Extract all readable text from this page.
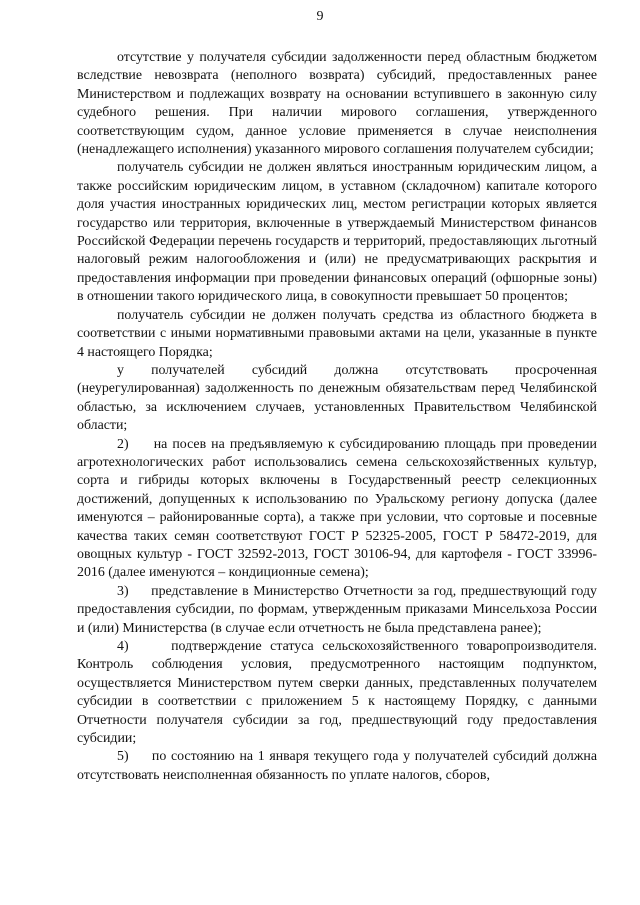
9

отсутствие у получателя субсидии задолженности перед областным бюджетом вследствие невозврата (неполного возврата) субсидий, предоставленных ранее Министерством и подлежащих возврату на основании вступившего в законную силу судебного решения. При наличии мирового соглашения, утвержденного соответствующим судом, данное условие применяется в случае неисполнения (ненадлежащего исполнения) указанного мирового соглашения получателем субсидии;

получатель субсидии не должен являться иностранным юридическим лицом, а также российским юридическим лицом, в уставном (складочном) капитале которого доля участия иностранных юридических лиц, местом регистрации которых является государство или территория, включенные в утверждаемый Министерством финансов Российской Федерации перечень государств и территорий, предоставляющих льготный налоговый режим налогообложения и (или) не предусматривающих раскрытия и предоставления информации при проведении финансовых операций (офшорные зоны) в отношении такого юридического лица, в совокупности превышает 50 процентов;

получатель субсидии не должен получать средства из областного бюджета в соответствии с иными нормативными правовыми актами на цели, указанные в пункте 4 настоящего Порядка;

у получателей субсидий должна отсутствовать просроченная (неурегулированная) задолженность по денежным обязательствам перед Челябинской областью, за исключением случаев, установленных Правительством Челябинской области;

2)     на посев на предъявляемую к субсидированию площадь при проведении агротехнологических работ использовались семена сельскохозяйственных культур, сорта и гибриды которых включены в Государственный реестр селекционных достижений, допущенных к использованию по Уральскому региону допуска (далее именуются – районированные сорта), а также при условии, что сортовые и посевные качества таких семян соответствуют ГОСТ Р 52325-2005, ГОСТ Р 58472-2019, для овощных культур - ГОСТ 32592-2013, ГОСТ 30106-94, для картофеля - ГОСТ 33996-2016 (далее именуются – кондиционные семена);

3)     представление в Министерство Отчетности за год, предшествующий году предоставления субсидии, по формам, утвержденным приказами Минсельхоза России и (или) Министерства (в случае если отчетность не была представлена ранее);

4)     подтверждение статуса сельскохозяйственного товаропроизводителя. Контроль соблюдения условия, предусмотренного настоящим подпунктом, осуществляется Министерством путем сверки данных, представленных получателем субсидии в соответствии с приложением 5 к настоящему Порядку, с данными Отчетности получателя субсидии за год, предшествующий году предоставления субсидии;

5)     по состоянию на 1 января текущего года у получателей субсидий должна отсутствовать неисполненная обязанность по уплате налогов, сборов,
